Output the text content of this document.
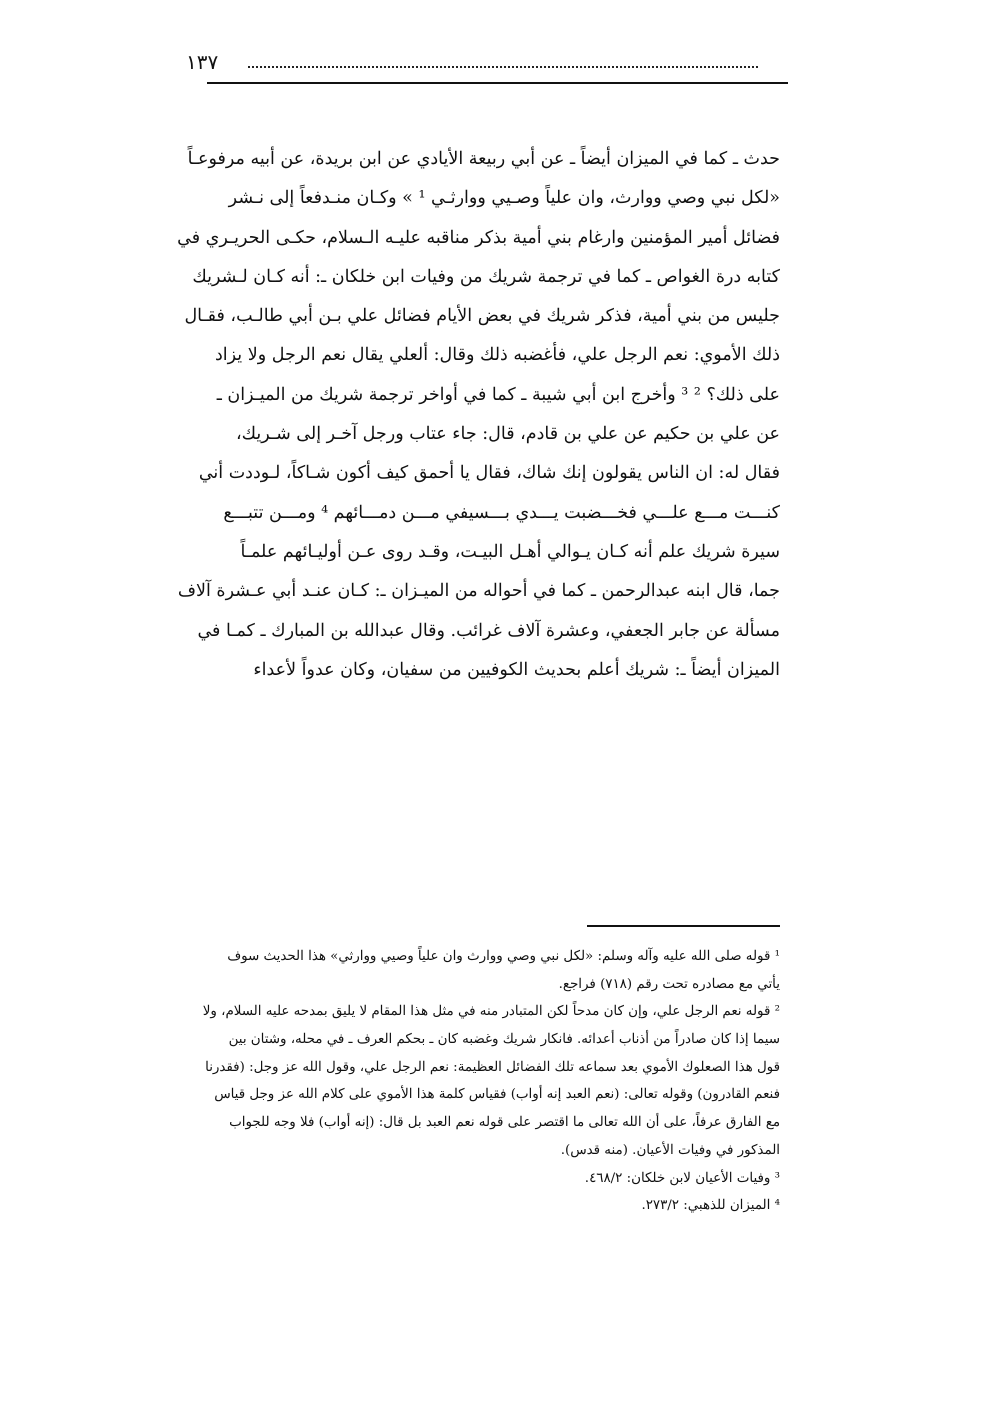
١٣٧
حدث ـ كما في الميزان أيضاً ـ عن أبي ربيعة الأيادي عن ابن بريدة، عن أبيه مرفوعـاً
«لكل نبي وصي ووارث، وان علياً وصـيي ووارثـي ¹ » وكـان منـدفعاً إلى نـشر
فضائل أمير المؤمنين وارغام بني أمية بذكر مناقبه عليـه الـسلام، حكـى الحريـري في
كتابه درة الغواص ـ كما في ترجمة شريك من وفيات ابن خلكان ـ: أنه كـان لـشريك
جليس من بني أمية، فذكر شريك في بعض الأيام فضائل علي بـن أبي طالـب، فقـال
ذلك الأموي: نعم الرجل علي، فأغضبه ذلك وقال: ألعلي يقال نعم الرجل ولا يزاد
على ذلك؟ ² ³ وأخرج ابن أبي شيبة ـ كما في أواخر ترجمة شريك من الميـزان ـ
عن علي بن حكيم عن علي بن قادم، قال: جاء عتاب ورجل آخـر إلى شـريك،
فقال له: ان الناس يقولون إنك شاك، فقال يا أحمق كيف أكون شـاكاً، لـوددت أني
كنـــت مـــع علـــي فخـــضبت يـــدي بـــسيفي مـــن دمـــائهم ⁴ ومـــن تتبـــع
سيرة شريك علم أنه كـان يـوالي أهـل البيـت، وقـد روى عـن أوليـائهم علمـاً
جما، قال ابنه عبدالرحمن ـ كما في أحواله من الميـزان ـ: كـان عنـد أبي عـشرة آلاف
مسألة عن جابر الجعفي، وعشرة آلاف غرائب. وقال عبدالله بن المبارك ـ كمـا في
الميزان أيضاً ـ: شريك أعلم بحديث الكوفيين من سفيان، وكان عدواً لأعداء
¹ قوله صلى الله عليه وآله وسلم: «لكل نبي وصي ووارث وان علياً وصيي ووارثي» هذا الحديث سوف
يأتي مع مصادره تحت رقم (٧١٨) فراجع.
² قوله نعم الرجل علي، وإن كان مدحاً لكن المتبادر منه في مثل هذا المقام لا يليق بمدحه عليه السلام، ولا
سيما إذا كان صادراً من أذناب أعدائه. فانكار شريك وغضبه كان ـ بحكم العرف ـ في محله، وشتان بين
قول هذا الصعلوك الأموي بعد سماعه تلك الفضائل العظيمة: نعم الرجل علي، وقول الله عز وجل: (فقدرنا
فنعم القادرون) وقوله تعالى: (نعم العبد إنه أواب) فقياس كلمة هذا الأموي على كلام الله عز وجل قياس
مع الفارق عرفاً، على أن الله تعالى ما اقتصر على قوله نعم العبد بل قال: (إنه أواب) فلا وجه للجواب
المذكور في وفيات الأعيان. (منه قدس).
³ وفيات الأعيان لابن خلكان: ٤٦٨/٢.
⁴ الميزان للذهبي: ٢٧٣/٢.
